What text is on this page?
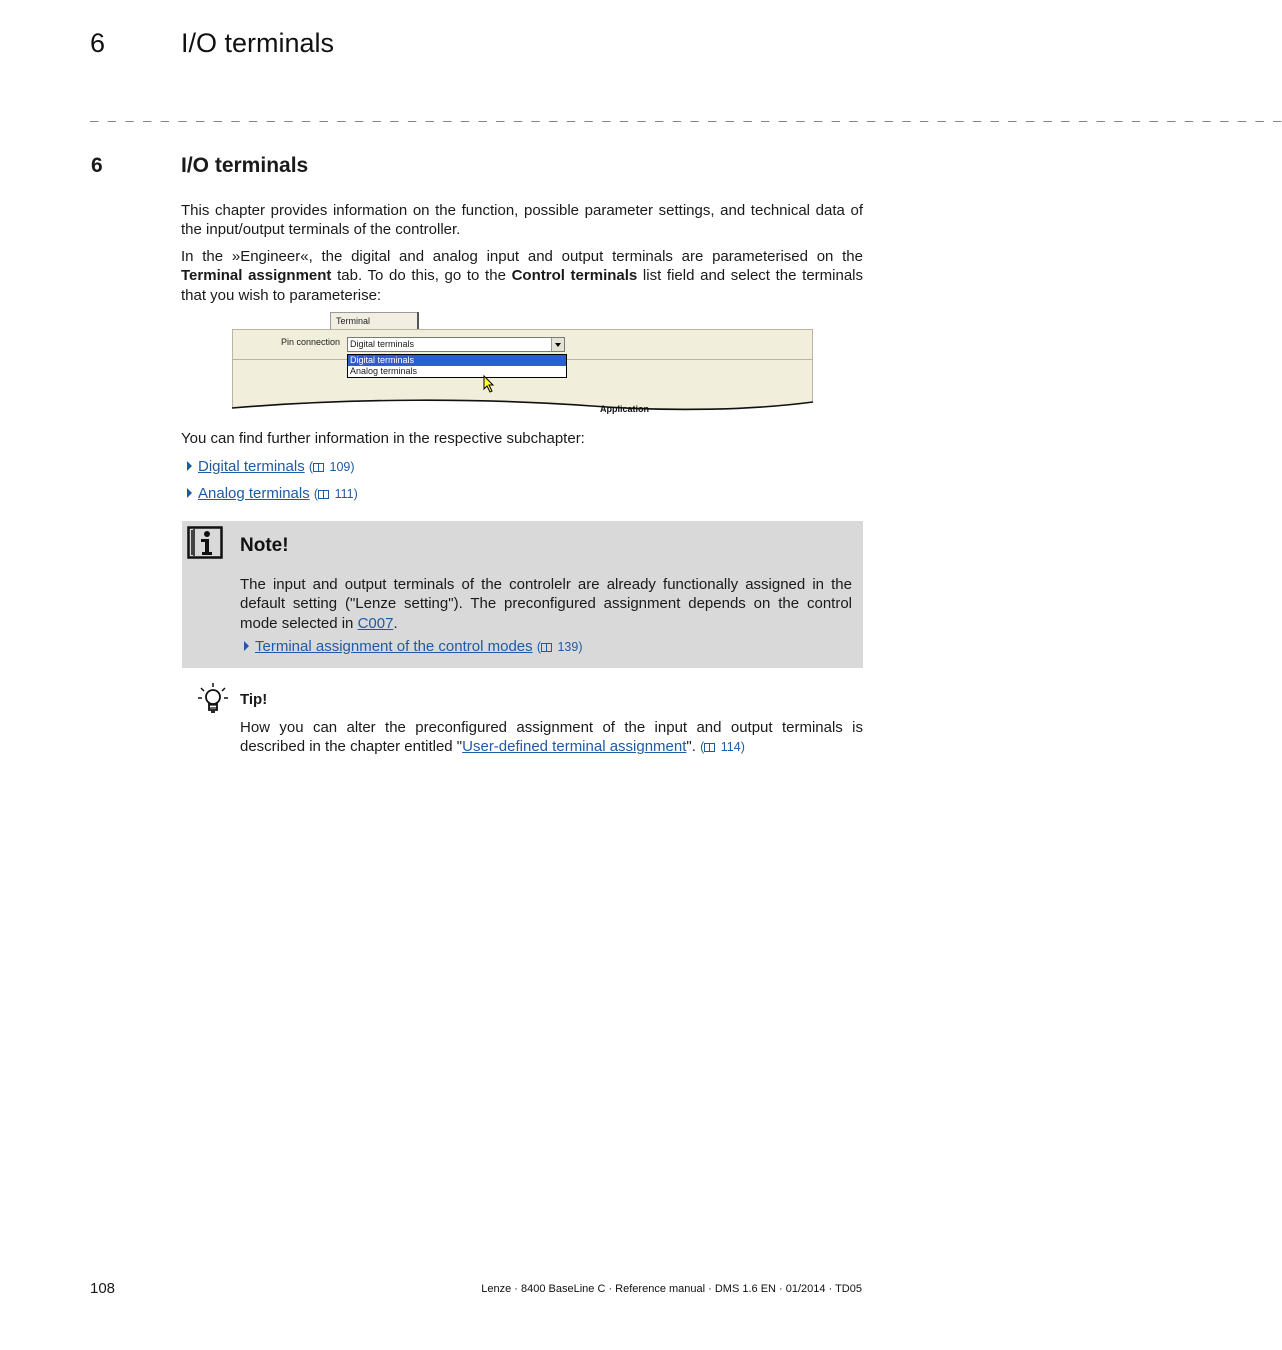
6	I/O terminals
_ _ _ _ _ _ _ _ _ _ _ _ _ _ _ _ _ _ _ _ _ _ _ _ _ _ _ _ _ _ _ _ _ _ _ _ _ _ _ _ _ _ _ _ _ _ _ _ _ _ _ _ _ _ _ _ _ _ _ _ _ _ _ _ _ _ _ _
6	I/O terminals
This chapter provides information on the function, possible parameter settings, and technical data of the input/output terminals of the controller.
In the »Engineer«, the digital and analog input and output terminals are parameterised on the Terminal assignment tab. To do this, go to the Control terminals list field and select the terminals that you wish to parameterise:
Terminal
Pin connection	Digital terminals
Digital terminals
Analog terminals
Application
You can find further information in the respective subchapter:
Digital terminals ( 109)
Analog terminals ( 111)
Note!
The input and output terminals of the controlelr are already functionally assigned in the default setting ("Lenze setting"). The preconfigured assignment depends on the control mode selected in C007.
Terminal assignment of the control modes ( 139)
Tip!
How you can alter the preconfigured assignment of the input and output terminals is described in the chapter entitled "User-defined terminal assignment". ( 114)
108	Lenze · 8400 BaseLine C · Reference manual · DMS 1.6 EN · 01/2014 · TD05
